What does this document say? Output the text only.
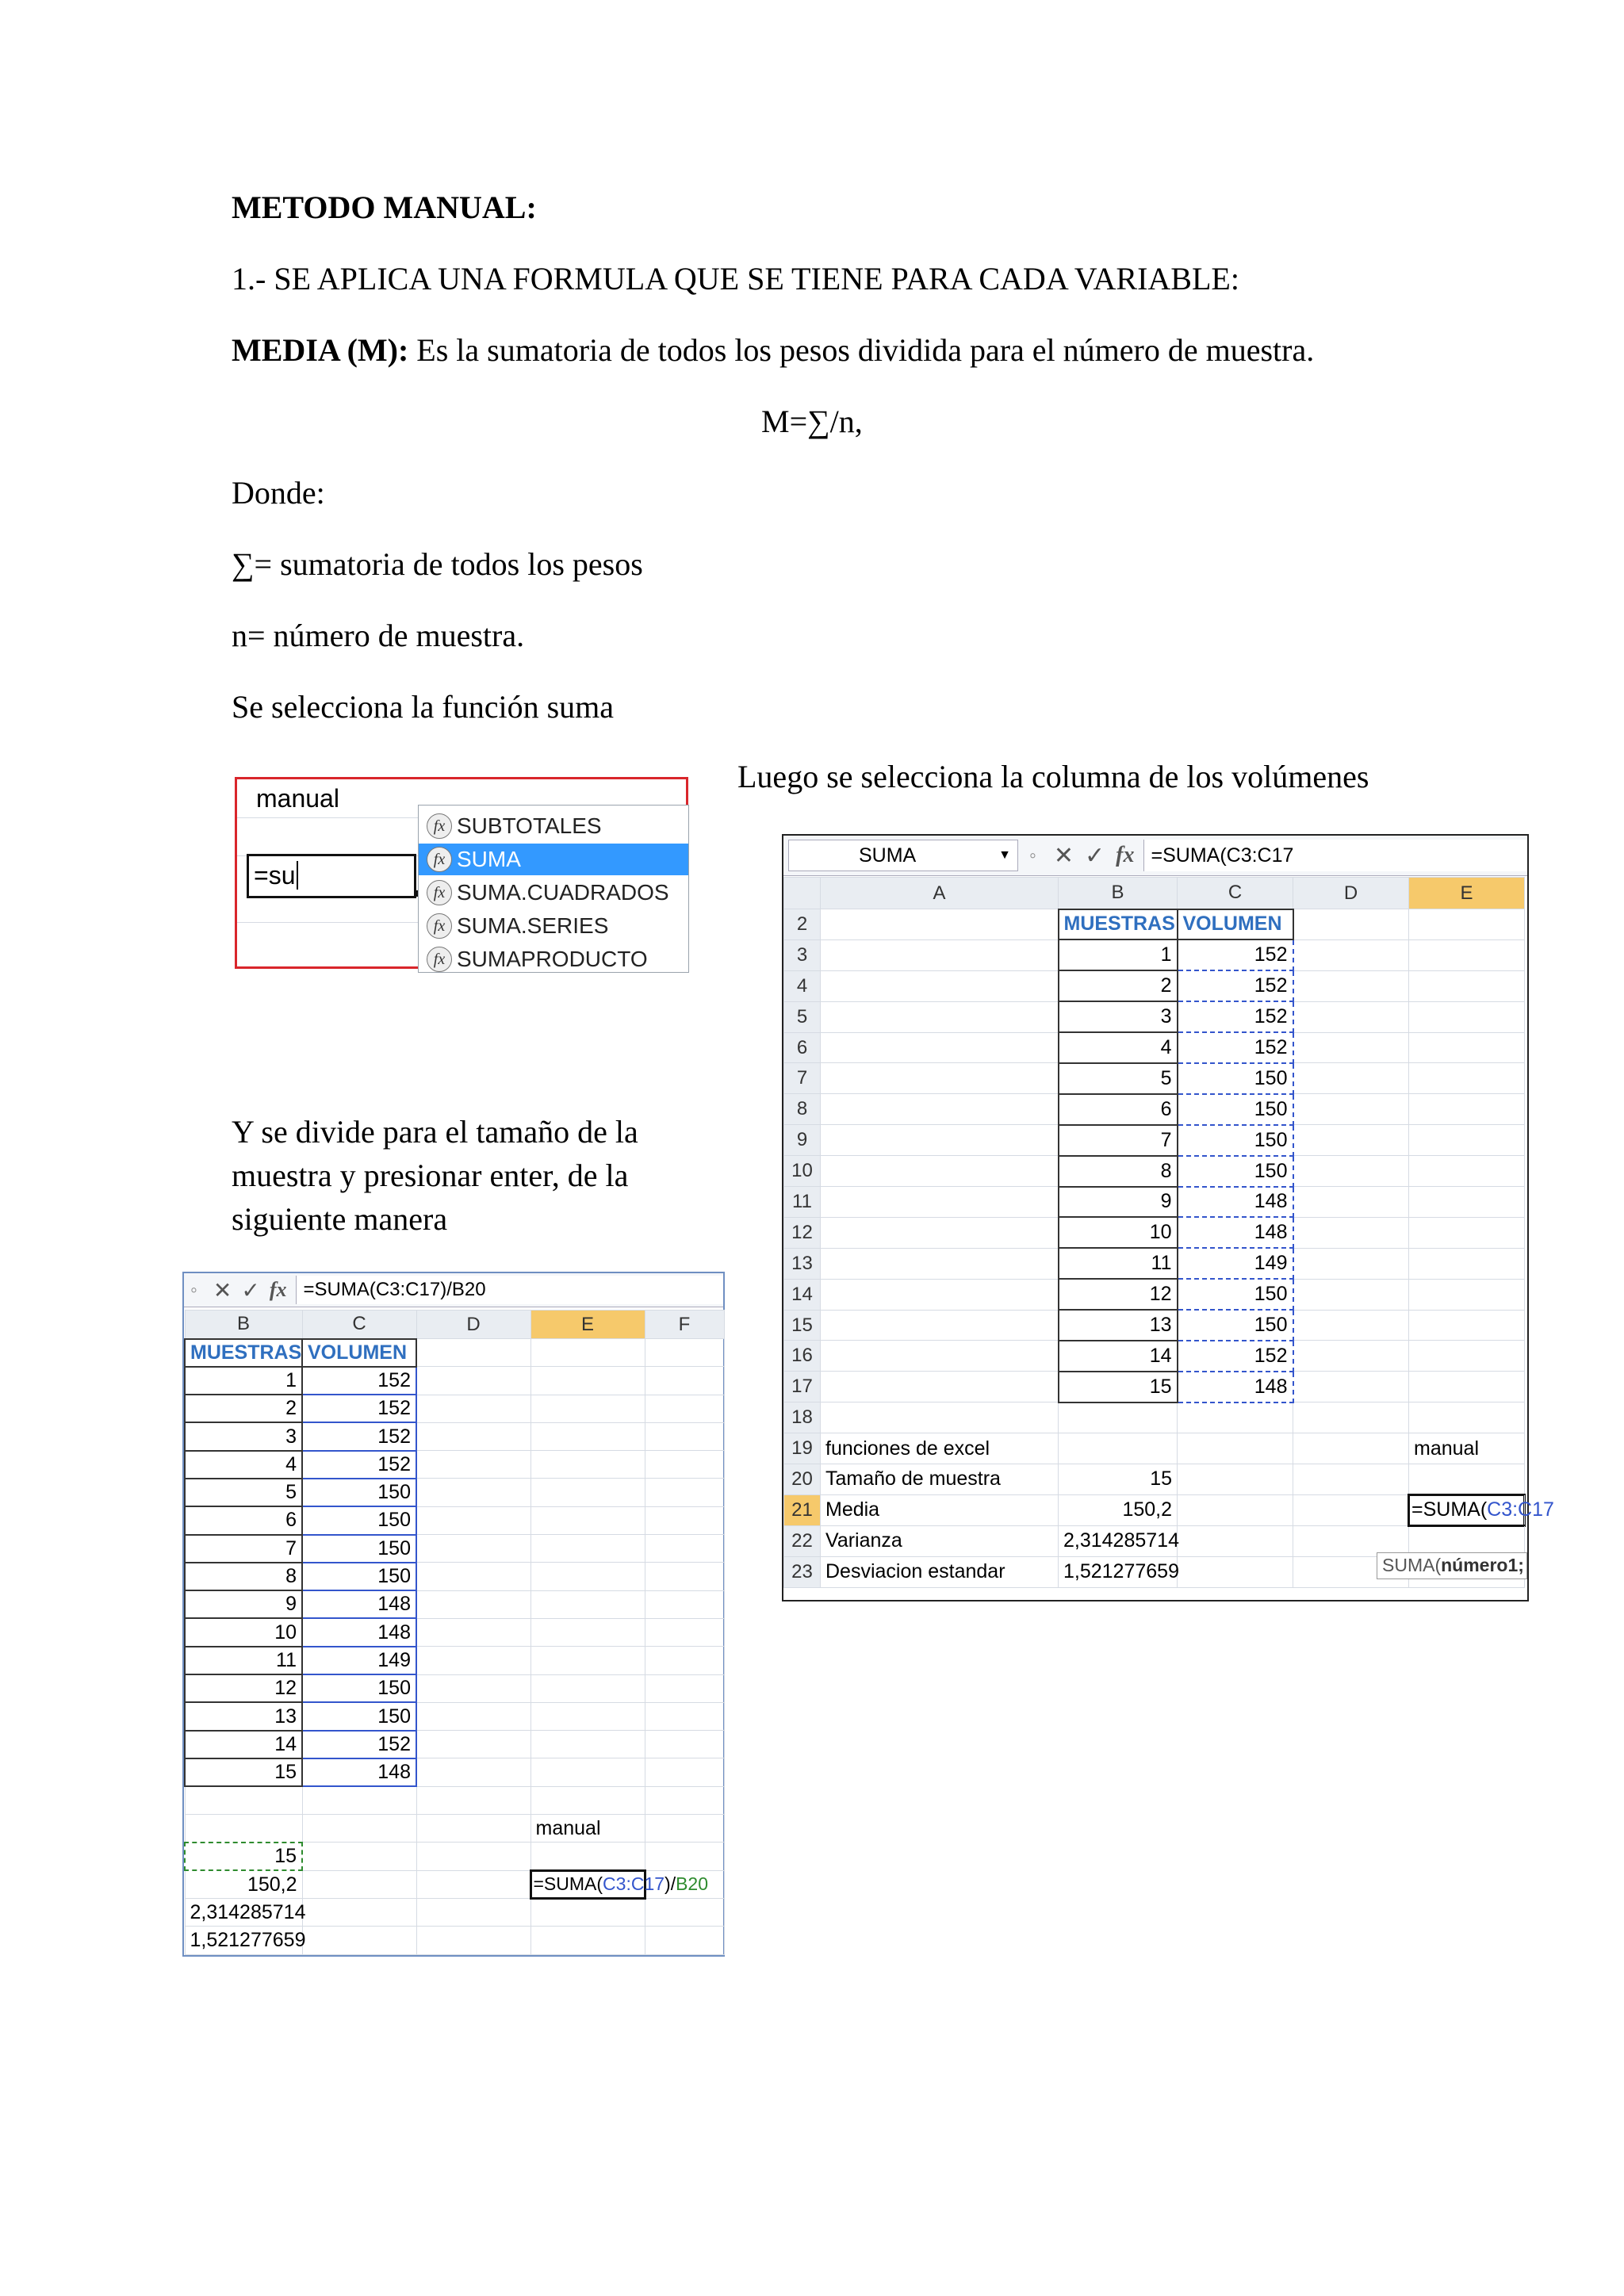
METODO MANUAL:
1.- SE APLICA UNA FORMULA QUE SE TIENE PARA CADA VARIABLE:
MEDIA (M): Es la sumatoria de todos los pesos dividida para el número de muestra.
M=∑/n,
Donde:
∑= sumatoria de todos los pesos
n= número de muestra.
Se selecciona la función suma
Luego se selecciona la columna de los volúmenes
Y se divide para el tamaño de la muestra y presionar enter, de la siguiente manera
manual
=su
fx SUBTOTALES
fx SUMA
fx SUMA.CUADRADOS
fx SUMA.SERIES
fx SUMAPRODUCTO
SUMA	▼ ◦ ✕ ✓ fx =SUMA(C3:C17
	A	B	C	D	E	
2		MUESTRAS	VOLUMEN			
3		1	152			
4		2	152			
5		3	152			
6		4	152			
7		5	150			
8		6	150			
9		7	150			
10		8	150			
11		9	148			
12		10	148			
13		11	149			
14		12	150			
15		13	150			
16		14	152			
17		15	148			
18						
19	funciones de excel				manual	
20	Tamaño de muestra	15				
21	Media	150,2			=SUMA(C3:C17	
22	Varianza	2,314285714				
23	Desviacion estandar	1,521277659					SUMA(número1;
◦ ✕ ✓ fx =SUMA(C3:C17)/B20
B	C	D	E	F
MUESTRAS	VOLUMEN			
1	152			
2	152			
3	152			
4	152			
5	150			
6	150			
7	150			
8	150			
9	148			
10	148			
11	149			
12	150			
13	150			
14	152			
15	148			

			manual	
15				
150,2			=SUMA(C3:C17)/B20	
2,314285714				
1,521277659				
